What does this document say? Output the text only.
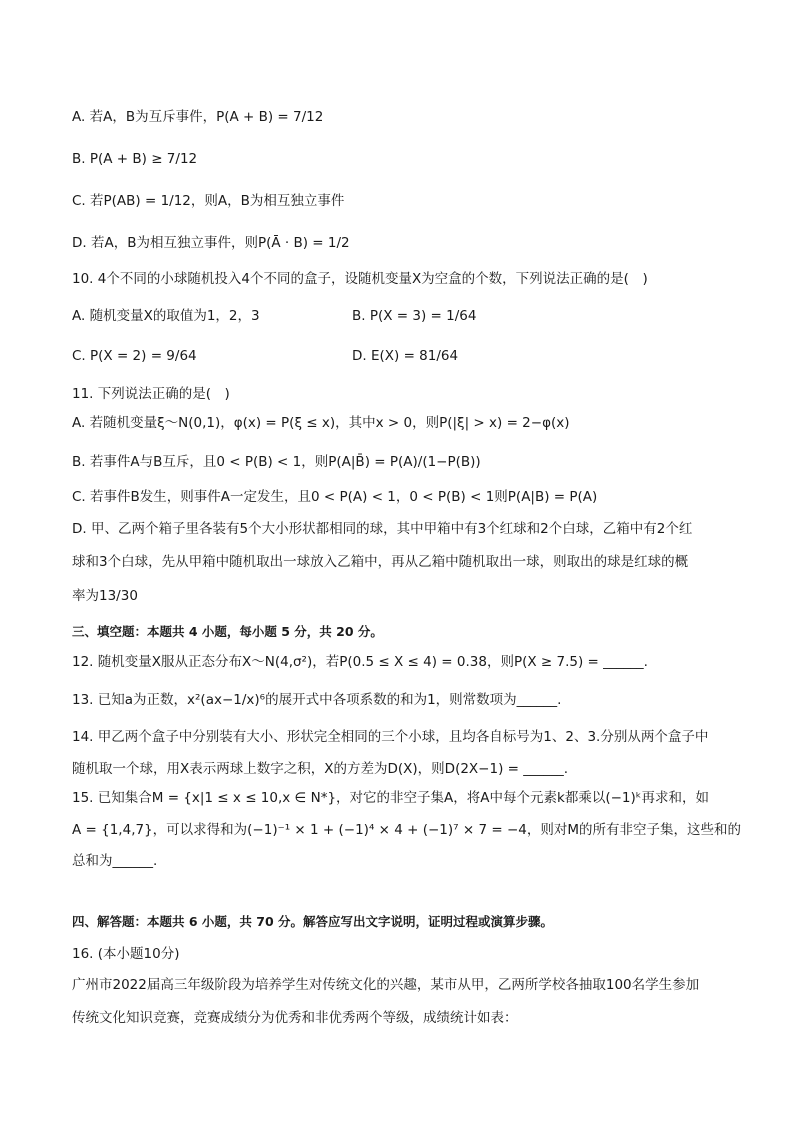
A. 若A，B为互斥事件，P(A + B) = 7/12
B. P(A + B) ≥ 7/12
C. 若P(AB) = 1/12，则A，B为相互独立事件
D. 若A，B为相互独立事件，则P(Ā · B) = 1/2
10. 4个不同的小球随机投入4个不同的盒子，设随机变量X为空盒的个数，下列说法正确的是(　)
A. 随机变量X的取值为1，2，3	B. P(X = 3) = 1/64
C. P(X = 2) = 9/64	D. E(X) = 81/64
11. 下列说法正确的是(　)
A. 若随机变量ξ～N(0,1)，φ(x) = P(ξ ≤ x)，其中x > 0，则P(|ξ| > x) = 2−φ(x)
B. 若事件A与B互斥，且0 < P(B) < 1，则P(A|B̄) = P(A)/(1−P(B))
C. 若事件B发生，则事件A一定发生，且0 < P(A) < 1，0 < P(B) < 1则P(A|B) = P(A)
D. 甲、乙两个箱子里各装有5个大小形状都相同的球，其中甲箱中有3个红球和2个白球，乙箱中有2个红
球和3个白球，先从甲箱中随机取出一球放入乙箱中，再从乙箱中随机取出一球，则取出的球是红球的概
率为13/30
三、填空题：本题共 4 小题，每小题 5 分，共 20 分。
12. 随机变量X服从正态分布X～N(4,σ²)，若P(0.5 ≤ X ≤ 4) = 0.38，则P(X ≥ 7.5) = ______.
13. 已知a为正数，x²(ax−1/x)⁶的展开式中各项系数的和为1，则常数项为______.
14. 甲乙两个盒子中分别装有大小、形状完全相同的三个小球，且均各自标号为1、2、3.分别从两个盒子中
随机取一个球，用X表示两球上数字之积，X的方差为D(X)，则D(2X−1) = ______.
15. 已知集合M = {x|1 ≤ x ≤ 10,x ∈ N*}，对它的非空子集A，将A中每个元素k都乘以(−1)ᵏ再求和，如
A = {1,4,7}，可以求得和为(−1)⁻¹ × 1 + (−1)⁴ × 4 + (−1)⁷ × 7 = −4，则对M的所有非空子集，这些和的
总和为______.
四、解答题：本题共 6 小题，共 70 分。解答应写出文字说明，证明过程或演算步骤。
16. (本小题10分)
广州市2022届高三年级阶段为培养学生对传统文化的兴趣，某市从甲，乙两所学校各抽取100名学生参加
传统文化知识竞赛，竞赛成绩分为优秀和非优秀两个等级，成绩统计如表：
